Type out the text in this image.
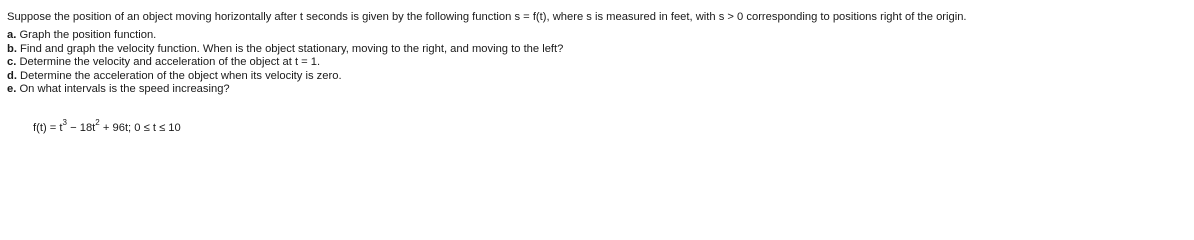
Suppose the position of an object moving horizontally after t seconds is given by the following function s = f(t), where s is measured in feet, with s > 0 corresponding to positions right of the origin.

a. Graph the position function.
b. Find and graph the velocity function. When is the object stationary, moving to the right, and moving to the left?
c. Determine the velocity and acceleration of the object at t = 1.
d. Determine the acceleration of the object when its velocity is zero.
e. On what intervals is the speed increasing?
$f(t) = t^3 - 18t^2 + 96t$; 0 ≤ t ≤ 10
